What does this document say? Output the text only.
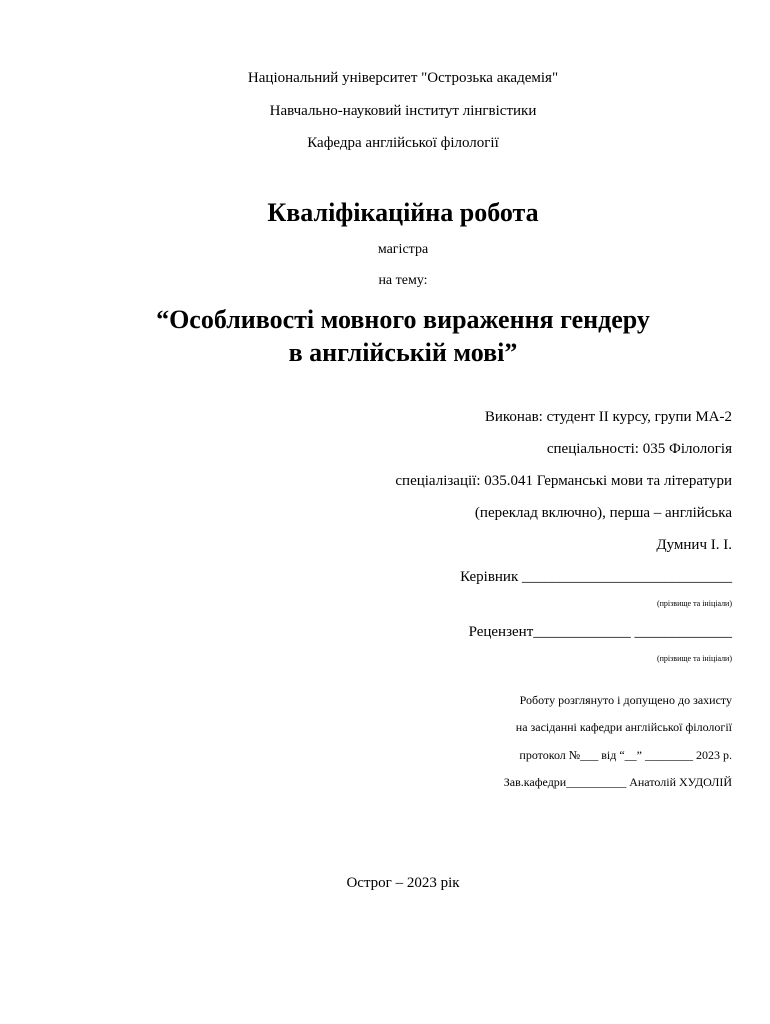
Національний університет "Острозька академія"
Навчально-науковий інститут лінгвістики
Кафедра англійської філології
Кваліфікаційна робота
магістра
на тему:
“Особливості мовного вираження гендеру
в англійській мові”
Виконав: студент ІІ курсу, групи МА-2
спеціальності: 035 Філологія
спеціалізації: 035.041 Германські мови та літератури
(переклад включно), перша – англійська
Думнич І. І.
Керівник ____________________________
(прізвище та ініціали)
Рецензент_____________ _____________
(прізвище та ініціали)
Роботу розглянуто і допущено до захисту
на засіданні кафедри англійської філології
протокол №___ від “__” ________ 2023 р.
Зав.кафедри__________ Анатолій ХУДОЛІЙ
Острог – 2023 рік
